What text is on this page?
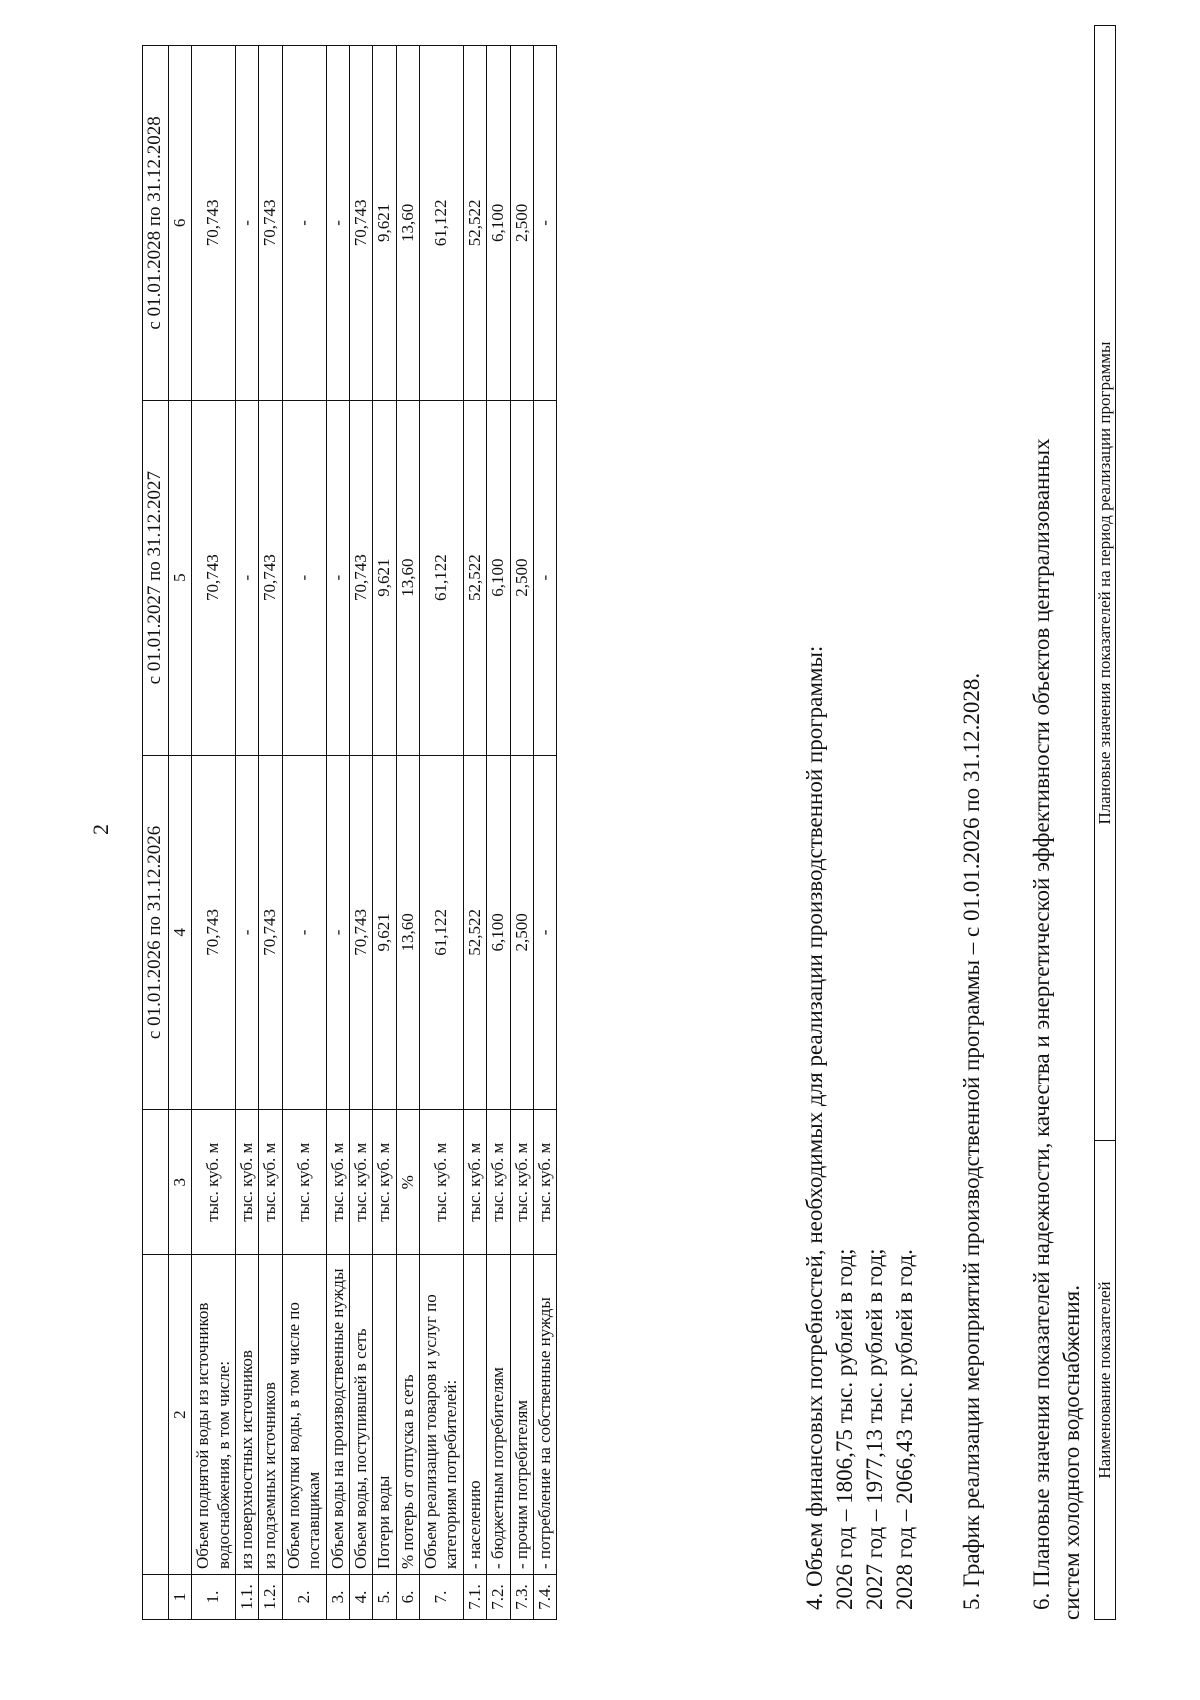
2
			с 01.01.2026 по 31.12.2026	с 01.01.2027 по 31.12.2027	с 01.01.2028 по 31.12.2028
1	2	3	4	5	6
1.	Объем поднятой воды из источников водоснабжения, в том числе:	тыс. куб. м	70,743	70,743	70,743
1.1.	из поверхностных источников	тыс. куб. м	-	-	-
1.2.	из подземных источников	тыс. куб. м	70,743	70,743	70,743
2.	Объем покупки воды, в том числе по поставщикам	тыс. куб. м	-	-	-
3.	Объем воды на производственные нужды	тыс. куб. м	-	-	-
4.	Объем воды, поступившей в сеть	тыс. куб. м	70,743	70,743	70,743
5.	Потери воды	тыс. куб. м	9,621	9,621	9,621
6.	% потерь от отпуска в сеть	%	13,60	13,60	13,60
7.	Объем реализации товаров и услуг по категориям потребителей:	тыс. куб. м	61,122	61,122	61,122
7.1.	- населению	тыс. куб. м	52,522	52,522	52,522
7.2.	- бюджетным потребителям	тыс. куб. м	6,100	6,100	6,100
7.3.	- прочим потребителям	тыс. куб. м	2,500	2,500	2,500
7.4.	- потребление на собственные нужды	тыс. куб. м	-	-	-

4. Объем финансовых потребностей, необходимых для реализации производственной программы: 2026 год – 1806,75 тыс. рублей в год; 2027 год – 1977,13 тыс. рублей в год; 2028 год – 2066,43 тыс. рублей в год. 5. График реализации мероприятий производственной программы – с 01.01.2026 по 31.12.2028. 6. Плановые значения показателей надежности, качества и энергетической эффективности объектов централизованных систем холодного водоснабжения. Наименование показателей	Плановые значения показателей на период реализации программы
